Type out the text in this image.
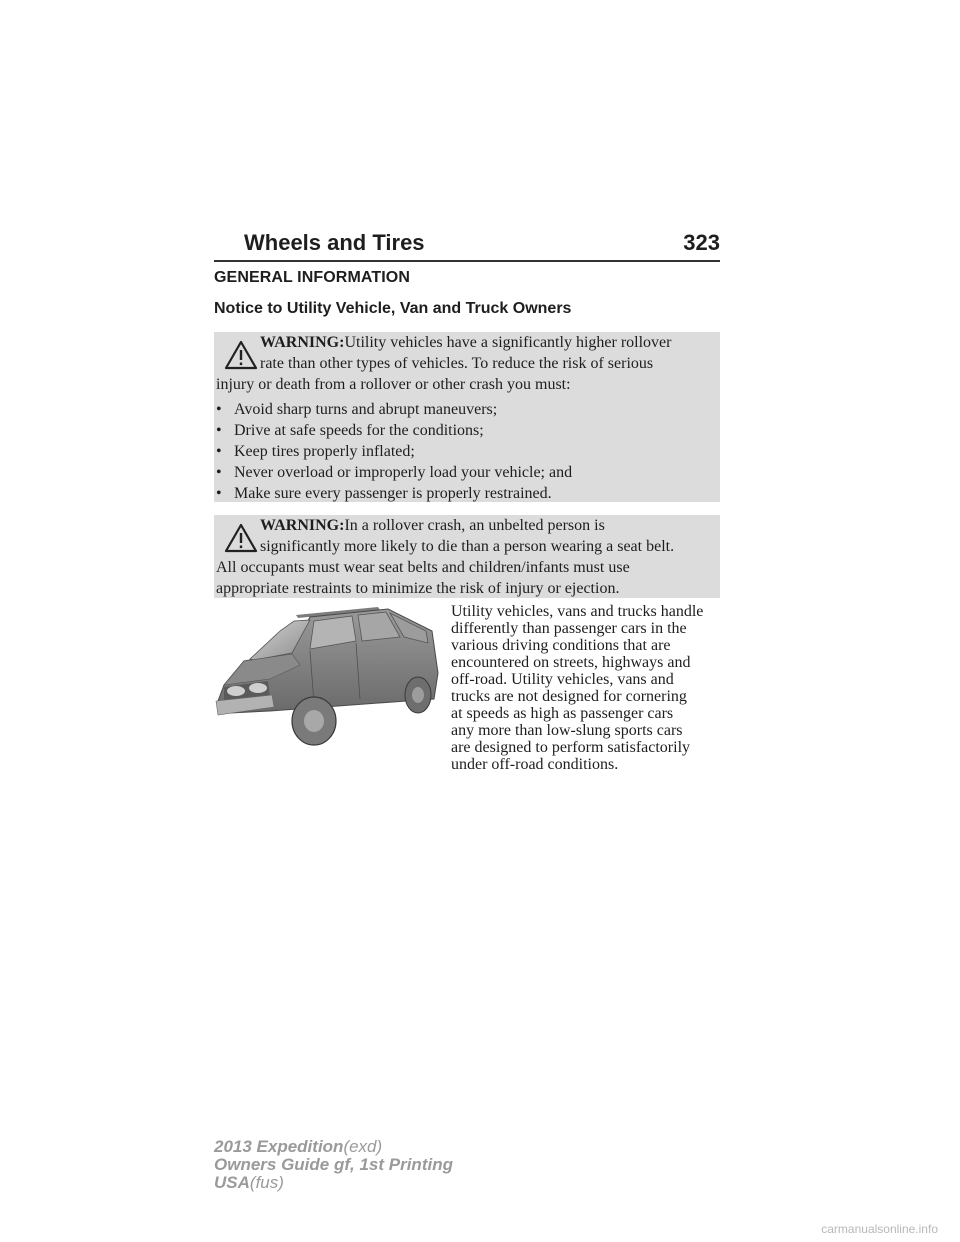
Wheels and Tires	323
GENERAL INFORMATION
Notice to Utility Vehicle, Van and Truck Owners
WARNING:Utility vehicles have a significantly higher rollover
rate than other types of vehicles. To reduce the risk of serious
injury or death from a rollover or other crash you must:
• Avoid sharp turns and abrupt maneuvers;
• Drive at safe speeds for the conditions;
• Keep tires properly inflated;
• Never overload or improperly load your vehicle; and
• Make sure every passenger is properly restrained.
WARNING:In a rollover crash, an unbelted person is
significantly more likely to die than a person wearing a seat belt.
All occupants must wear seat belts and children/infants must use
appropriate restraints to minimize the risk of injury or ejection.
Utility vehicles, vans and trucks handle
differently than passenger cars in the
various driving conditions that are
encountered on streets, highways and
off-road. Utility vehicles, vans and
trucks are not designed for cornering
at speeds as high as passenger cars
any more than low-slung sports cars
are designed to perform satisfactorily
under off-road conditions.
2013 Expedition(exd)
Owners Guide gf, 1st Printing
USA(fus)
carmanualsonline.info
